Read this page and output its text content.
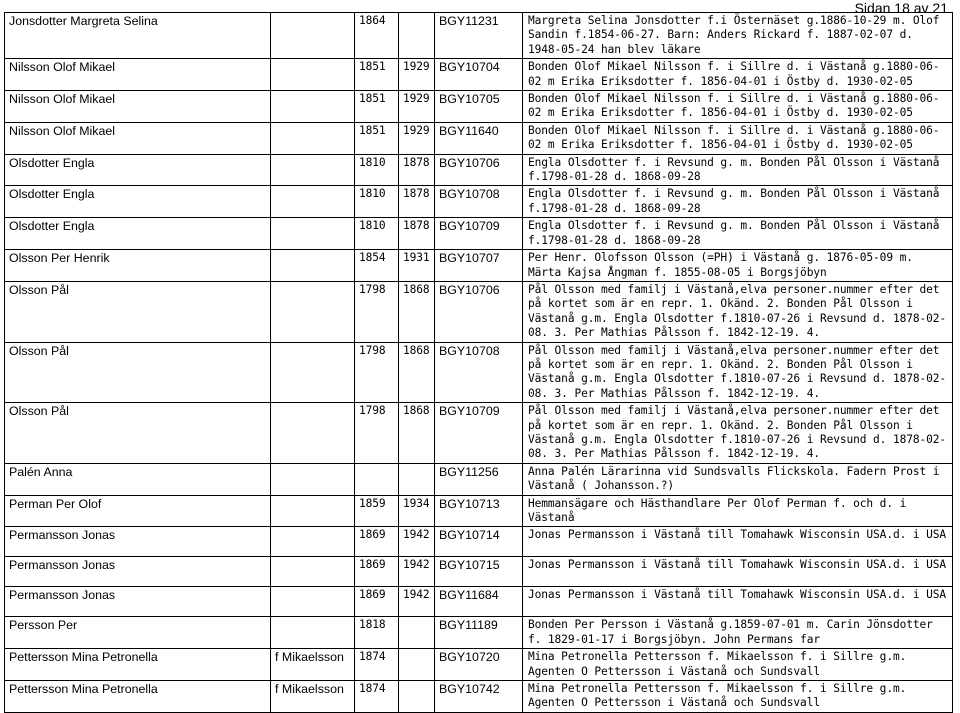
Sidan 18 av 21
Jonsdotter Margreta Selina		1864		BGY11231	Margreta Selina Jonsdotter f.i Östernäset g.1886-10-29 m. Olof Sandin f.1854-06-27. Barn: Anders Rickard f. 1887-02-07 d. 1948-05-24 han blev läkare
Nilsson Olof Mikael		1851	1929	BGY10704	Bonden Olof Mikael Nilsson f. i Sillre d. i Västanå g.1880-06-02 m Erika Eriksdotter f. 1856-04-01 i Östby d. 1930-02-05
Nilsson Olof Mikael		1851	1929	BGY10705	Bonden Olof Mikael Nilsson f. i Sillre d. i Västanå g.1880-06-02 m Erika Eriksdotter f. 1856-04-01 i Östby d. 1930-02-05
Nilsson Olof Mikael		1851	1929	BGY11640	Bonden Olof Mikael Nilsson f. i Sillre d. i Västanå g.1880-06-02 m Erika Eriksdotter f. 1856-04-01 i Östby d. 1930-02-05
Olsdotter Engla		1810	1878	BGY10706	Engla Olsdotter f. i Revsund g. m. Bonden Pål Olsson i Västanå f.1798-01-28 d. 1868-09-28
Olsdotter Engla		1810	1878	BGY10708	Engla Olsdotter f. i Revsund g. m. Bonden Pål Olsson i Västanå f.1798-01-28 d. 1868-09-28
Olsdotter Engla		1810	1878	BGY10709	Engla Olsdotter f. i Revsund g. m. Bonden Pål Olsson i Västanå f.1798-01-28 d. 1868-09-28
Olsson Per Henrik		1854	1931	BGY10707	Per Henr. Olofsson Olsson (=PH) i Västanå g. 1876-05-09 m. Märta Kajsa Ångman f. 1855-08-05 i Borgsjöbyn
Olsson Pål		1798	1868	BGY10706	Pål Olsson med familj i Västanå,elva personer.nummer efter det på kortet som är en repr. 1. Okänd. 2. Bonden Pål Olsson i Västanå g.m. Engla Olsdotter f.1810-07-26 i Revsund d. 1878-02-08. 3. Per Mathias Pålsson f. 1842-12-19. 4.
Olsson Pål		1798	1868	BGY10708	Pål Olsson med familj i Västanå,elva personer.nummer efter det på kortet som är en repr. 1. Okänd. 2. Bonden Pål Olsson i Västanå g.m. Engla Olsdotter f.1810-07-26 i Revsund d. 1878-02-08. 3. Per Mathias Pålsson f. 1842-12-19. 4.
Olsson Pål		1798	1868	BGY10709	Pål Olsson med familj i Västanå,elva personer.nummer efter det på kortet som är en repr. 1. Okänd. 2. Bonden Pål Olsson i Västanå g.m. Engla Olsdotter f.1810-07-26 i Revsund d. 1878-02-08. 3. Per Mathias Pålsson f. 1842-12-19. 4.
Palén Anna				BGY11256	Anna Palén Lärarinna vid Sundsvalls Flickskola. Fadern Prost i Västanå ( Johansson.?)
Perman Per Olof		1859	1934	BGY10713	Hemmansägare och Hästhandlare Per Olof Perman f. och d. i Västanå
Permansson Jonas		1869	1942	BGY10714	Jonas Permansson i Västanå till Tomahawk Wisconsin USA.d. i USA
Permansson Jonas		1869	1942	BGY10715	Jonas Permansson i Västanå till Tomahawk Wisconsin USA.d. i USA
Permansson Jonas		1869	1942	BGY11684	Jonas Permansson i Västanå till Tomahawk Wisconsin USA.d. i USA
Persson Per		1818		BGY11189	Bonden Per Persson i Västanå g.1859-07-01 m. Carin Jönsdotter f. 1829-01-17 i Borgsjöbyn. John Permans far
Pettersson Mina Petronella	f Mikaelsson	1874		BGY10720	Mina Petronella Pettersson f. Mikaelsson f. i Sillre g.m. Agenten O Pettersson i Västanå och Sundsvall
Pettersson Mina Petronella	f Mikaelsson	1874		BGY10742	Mina Petronella Pettersson f. Mikaelsson f. i Sillre g.m. Agenten O Pettersson i Västanå och Sundsvall
